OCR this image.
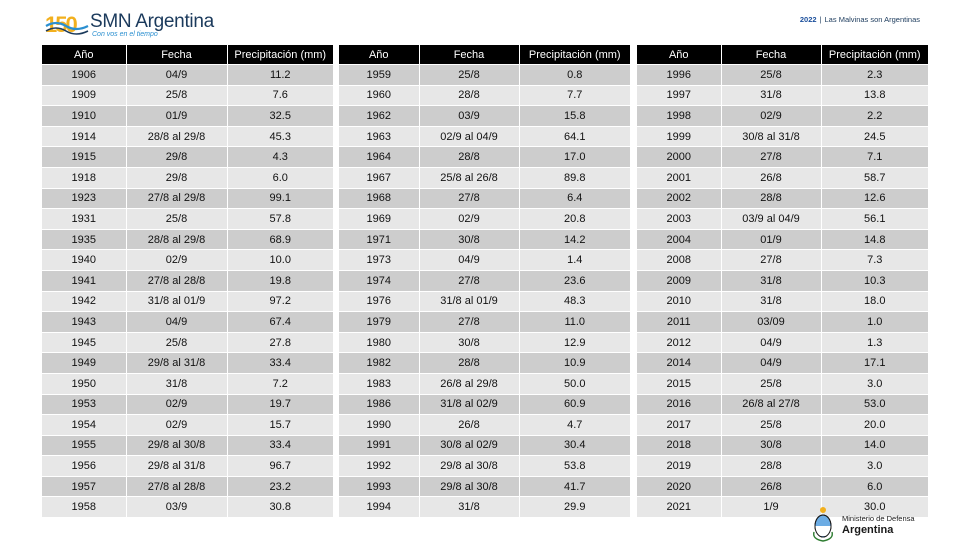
150 SMN Argentina
Con vos en el tiempo
2022 | Las Malvinas son Argentinas
Año	Fecha	Precipitación (mm)
1906	04/9	11.2
1909	25/8	7.6
1910	01/9	32.5
1914	28/8 al 29/8	45.3
1915	29/8	4.3
1918	29/8	6.0
1923	27/8 al 29/8	99.1
1931	25/8	57.8
1935	28/8 al 29/8	68.9
1940	02/9	10.0
1941	27/8 al 28/8	19.8
1942	31/8 al 01/9	97.2
1943	04/9	67.4
1945	25/8	27.8
1949	29/8 al 31/8	33.4
1950	31/8	7.2
1953	02/9	19.7
1954	02/9	15.7
1955	29/8 al 30/8	33.4
1956	29/8 al 31/8	96.7
1957	27/8 al 28/8	23.2
1958	03/9	30.8
Año	Fecha	Precipitación (mm)
1959	25/8	0.8
1960	28/8	7.7
1962	03/9	15.8
1963	02/9 al 04/9	64.1
1964	28/8	17.0
1967	25/8 al 26/8	89.8
1968	27/8	6.4
1969	02/9	20.8
1971	30/8	14.2
1973	04/9	1.4
1974	27/8	23.6
1976	31/8 al 01/9	48.3
1979	27/8	11.0
1980	30/8	12.9
1982	28/8	10.9
1983	26/8 al 29/8	50.0
1986	31/8 al 02/9	60.9
1990	26/8	4.7
1991	30/8 al 02/9	30.4
1992	29/8 al 30/8	53.8
1993	29/8 al 30/8	41.7
1994	31/8	29.9
Año	Fecha	Precipitación (mm)
1996	25/8	2.3
1997	31/8	13.8
1998	02/9	2.2
1999	30/8 al 31/8	24.5
2000	27/8	7.1
2001	26/8	58.7
2002	28/8	12.6
2003	03/9 al 04/9	56.1
2004	01/9	14.8
2008	27/8	7.3
2009	31/8	10.3
2010	31/8	18.0
2011	03/09	1.0
2012	04/9	1.3
2014	04/9	17.1
2015	25/8	3.0
2016	26/8 al 27/8	53.0
2017	25/8	20.0
2018	30/8	14.0
2019	28/8	3.0
2020	26/8	6.0
2021	1/9	30.0
Ministerio de Defensa
Argentina
